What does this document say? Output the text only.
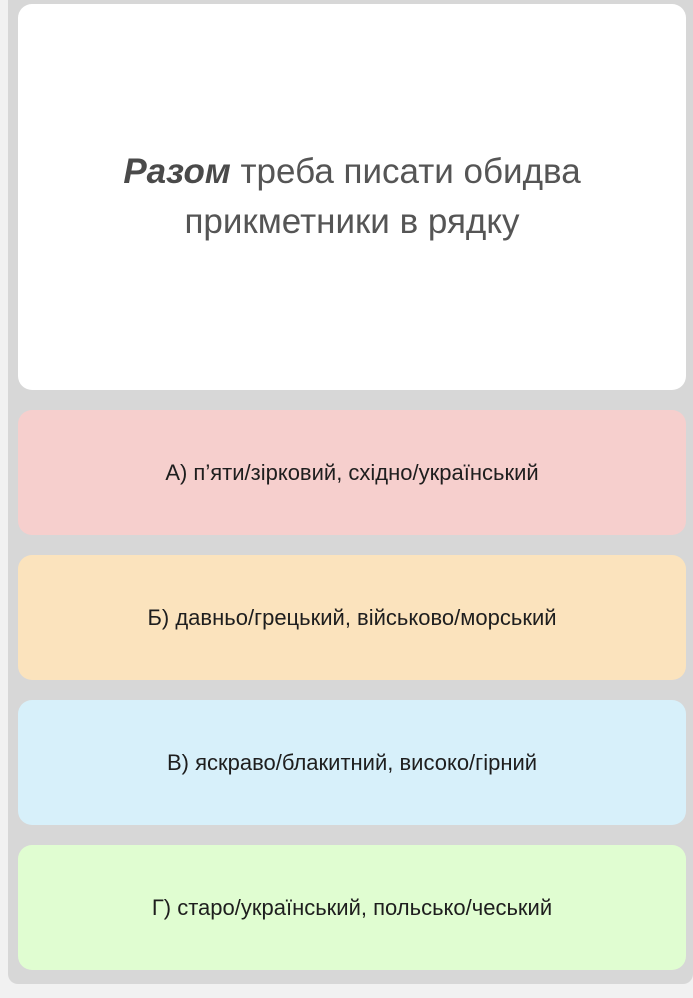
Разом треба писати обидва прикметники в рядку

А) п’яти/зірковий, східно/український
Б) давньо/грецький, військово/морський
В) яскраво/блакитний, високо/гірний
Г) старо/український, польсько/чеський
